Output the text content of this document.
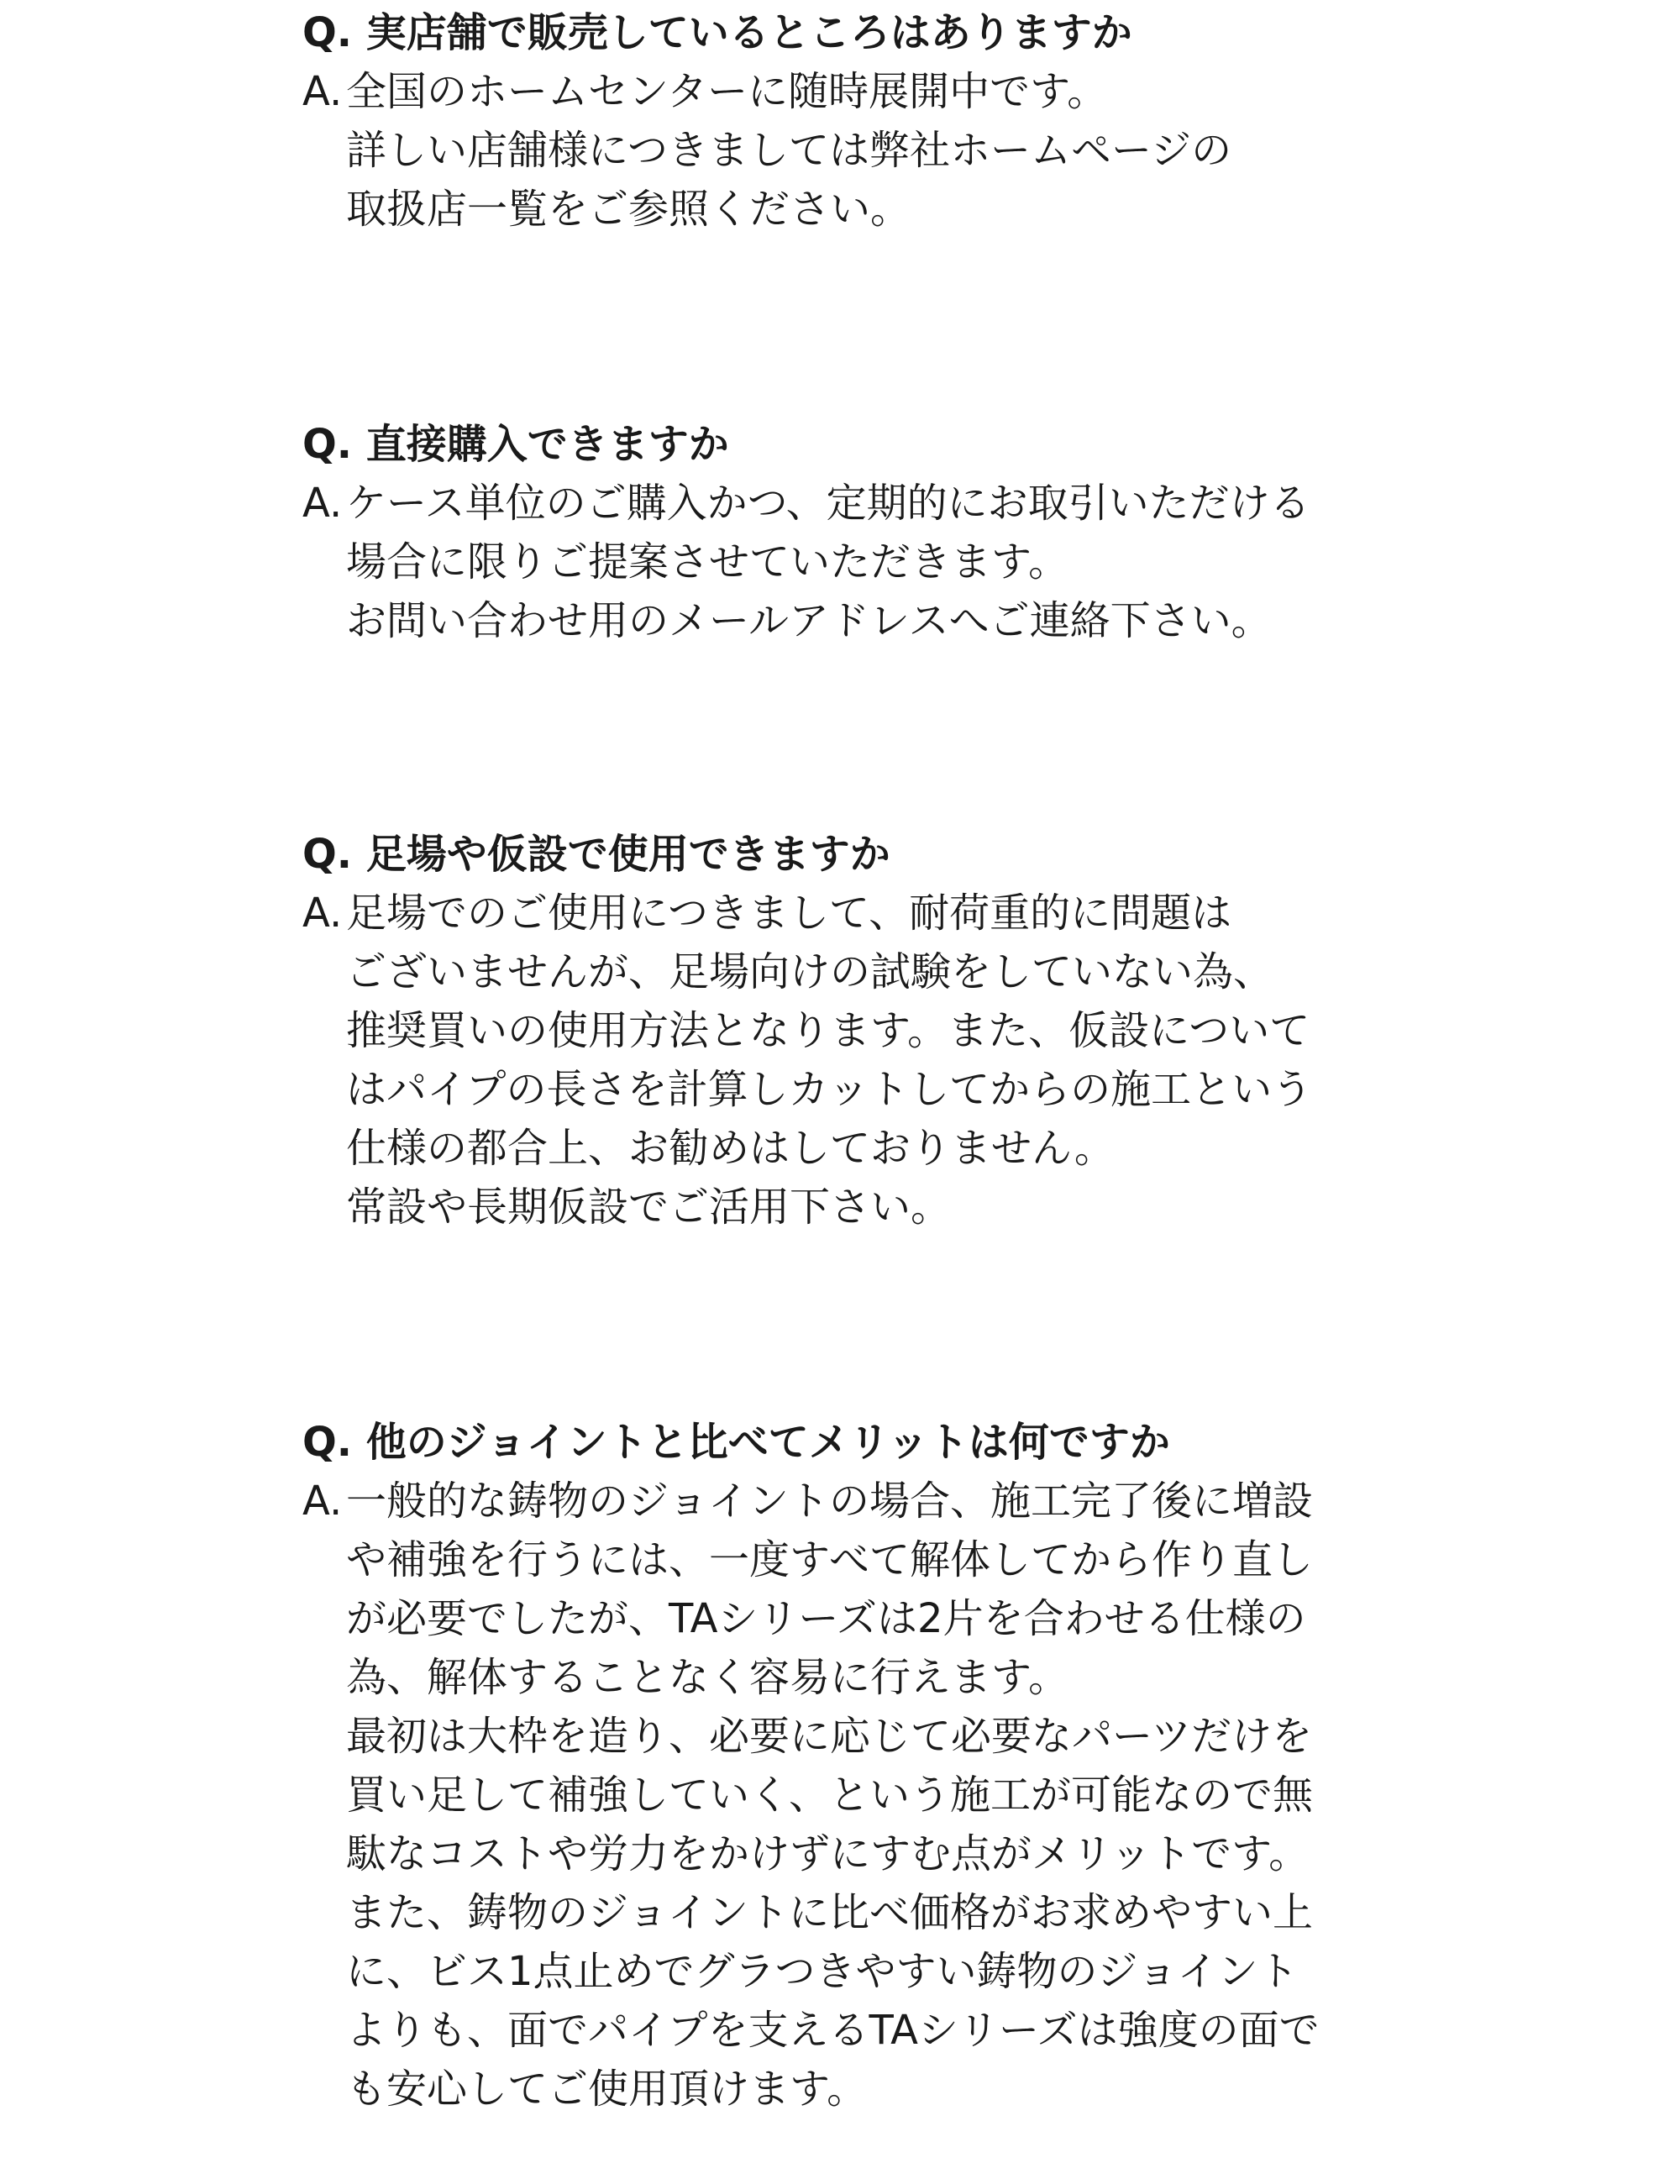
Q. 実店舗で販売しているところはありますか

A. 全国のホームセンターに随時展開中です。
詳しい店舗様につきましては弊社ホームページの
取扱店一覧をご参照ください。

Q. 直接購入できますか

A. ケース単位のご購入かつ、定期的にお取引いただける
場合に限りご提案させていただきます。
お問い合わせ用のメールアドレスへご連絡下さい。

Q. 足場や仮設で使用できますか

A. 足場でのご使用につきまして、耐荷重的に問題は
ございませんが、足場向けの試験をしていない為、
推奨買いの使用方法となります。また、仮設について
はパイプの長さを計算しカットしてからの施工という
仕様の都合上、お勧めはしておりません。
常設や長期仮設でご活用下さい。

Q. 他のジョイントと比べてメリットは何ですか

A. 一般的な鋳物のジョイントの場合、施工完了後に増設
や補強を行うには、一度すべて解体してから作り直し
が必要でしたが、TAシリーズは2片を合わせる仕様の
為、解体することなく容易に行えます。
最初は大枠を造り、必要に応じて必要なパーツだけを
買い足して補強していく、という施工が可能なので無
駄なコストや労力をかけずにすむ点がメリットです。
また、鋳物のジョイントに比べ価格がお求めやすい上
に、ビス1点止めでグラつきやすい鋳物のジョイント
よりも、面でパイプを支えるTAシリーズは強度の面で
も安心してご使用頂けます。
